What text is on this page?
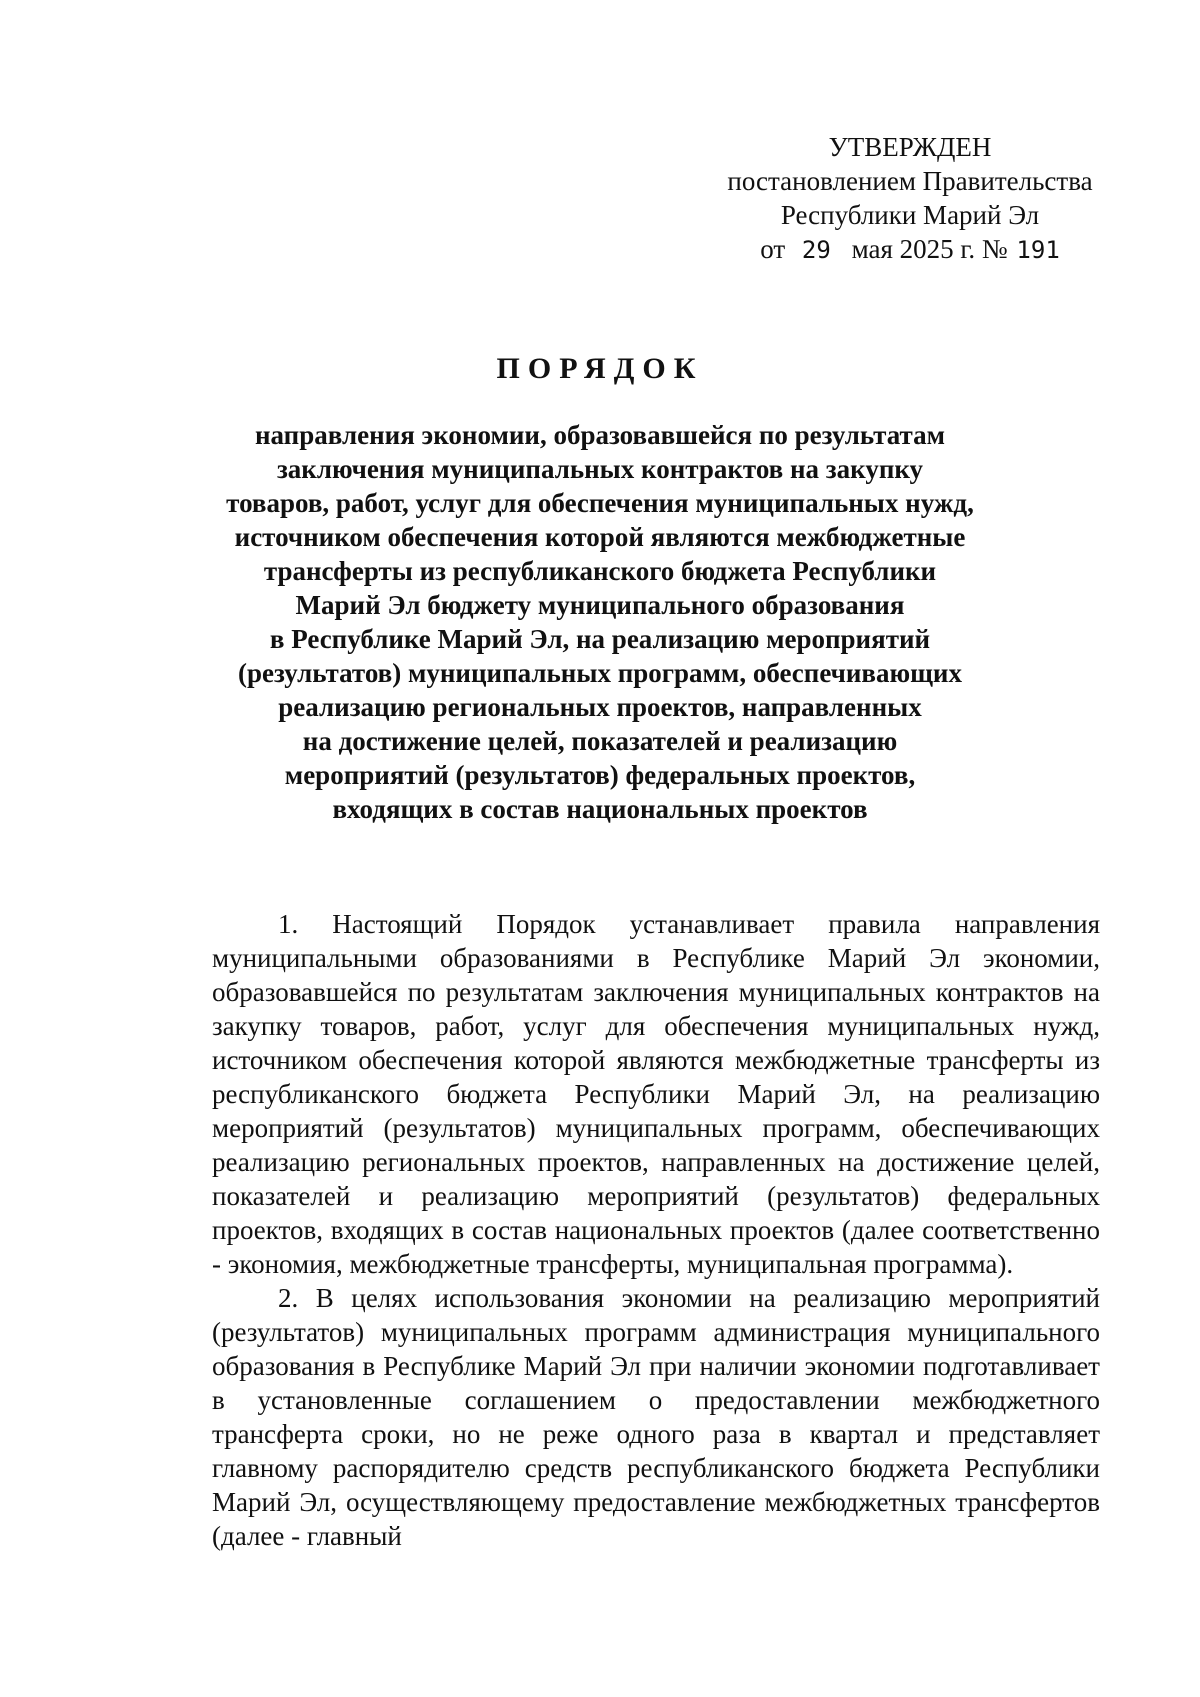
УТВЕРЖДЕН
постановлением Правительства
Республики Марий Эл
от 29 мая 2025 г. № 191
ПОРЯДОК
направления экономии, образовавшейся по результатам
заключения муниципальных контрактов на закупку
товаров, работ, услуг для обеспечения муниципальных нужд,
источником обеспечения которой являются межбюджетные
трансферты из республиканского бюджета Республики
Марий Эл бюджету муниципального образования
в Республике Марий Эл, на реализацию мероприятий
(результатов) муниципальных программ, обеспечивающих
реализацию региональных проектов, направленных
на достижение целей, показателей и реализацию
мероприятий (результатов) федеральных проектов,
входящих в состав национальных проектов

1. Настоящий Порядок устанавливает правила направления муниципальными образованиями в Республике Марий Эл экономии, образовавшейся по результатам заключения муниципальных контрактов на закупку товаров, работ, услуг для обеспечения муниципальных нужд, источником обеспечения которой являются межбюджетные трансферты из республиканского бюджета Республики Марий Эл, на реализацию мероприятий (результатов) муниципальных программ, обеспечивающих реализацию региональных проектов, направленных на достижение целей, показателей и реализацию мероприятий (результатов) федеральных проектов, входящих в состав национальных проектов (далее соответственно - экономия, межбюджетные трансферты, муниципальная программа).

2. В целях использования экономии на реализацию мероприятий (результатов) муниципальных программ администрация муниципального образования в Республике Марий Эл при наличии экономии подготавливает в установленные соглашением о предоставлении межбюджетного трансферта сроки, но не реже одного раза в квартал и представляет главному распорядителю средств республиканского бюджета Республики Марий Эл, осуществляющему предоставление межбюджетных трансфертов (далее - главный
